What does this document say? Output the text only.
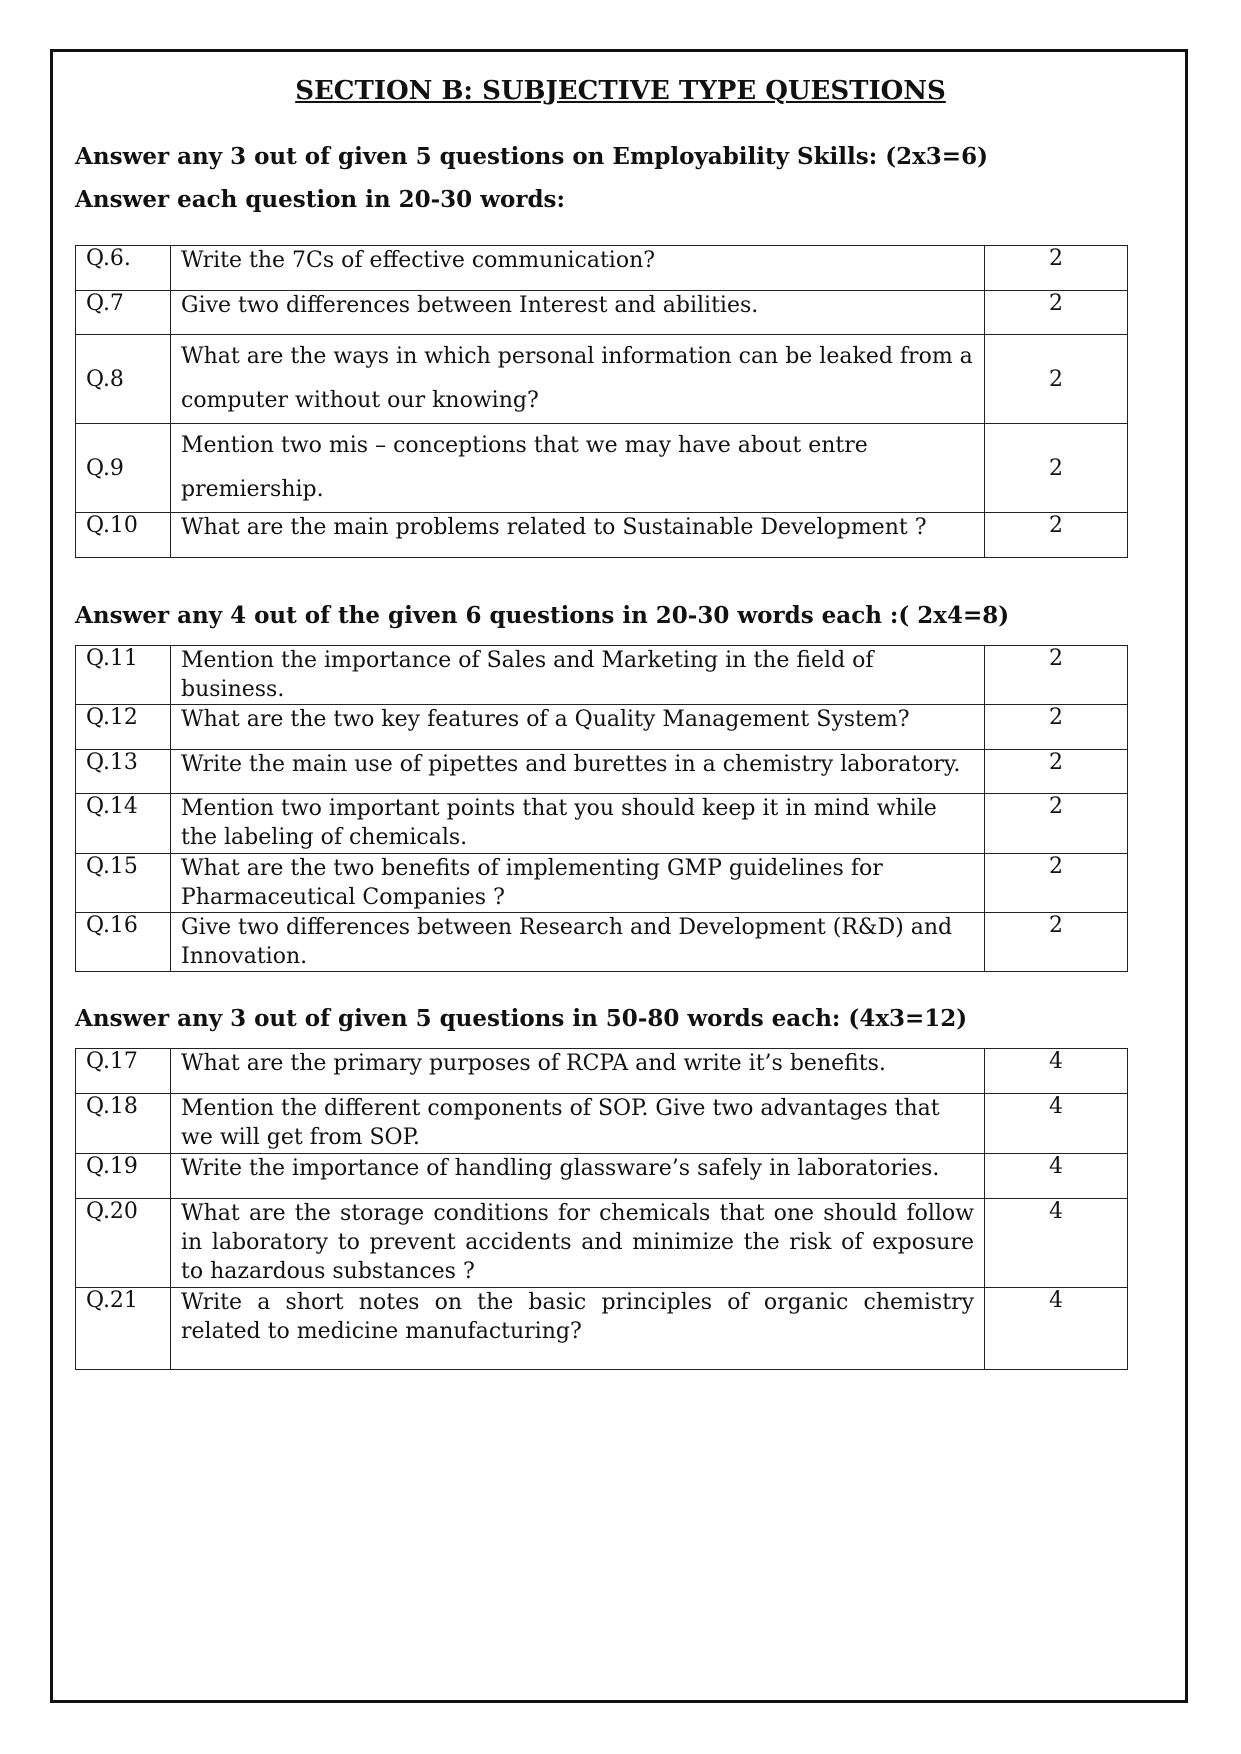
SECTION B: SUBJECTIVE TYPE QUESTIONS
Answer any 3 out of given 5 questions on Employability Skills: (2x3=6)
Answer each question in 20-30 words:
Q.6.	Write the 7Cs of effective communication?	2
Q.7	Give two differences between Interest and abilities.	2
Q.8	What are the ways in which personal information can be leaked from a computer without our knowing?	2
Q.9	Mention two mis – conceptions that we may have about entre premiership.	2
Q.10	What are the main problems related to Sustainable Development ?	2
Answer any 4 out of the given 6 questions in 20-30 words each :( 2x4=8)
Q.11	Mention the importance of Sales and Marketing in the field of business.	2
Q.12	What are the two key features of a Quality Management System?	2
Q.13	Write the main use of pipettes and burettes in a chemistry laboratory.	2
Q.14	Mention two important points that you should keep it in mind while the labeling of chemicals.	2
Q.15	What are the two benefits of implementing GMP guidelines for Pharmaceutical Companies ?	2
Q.16	Give two differences between Research and Development (R&D) and Innovation.	2
Answer any 3 out of given 5 questions in 50-80 words each: (4x3=12)
Q.17	What are the primary purposes of RCPA and write it’s benefits.	4
Q.18	Mention the different components of SOP. Give two advantages that we will get from SOP.	4
Q.19	Write the importance of handling glassware’s safely in laboratories.	4
Q.20	What are the storage conditions for chemicals that one should follow in laboratory to prevent accidents and minimize the risk of exposure to hazardous substances ?	4
Q.21	Write a short notes on the basic principles of organic chemistry related to medicine manufacturing?	4
